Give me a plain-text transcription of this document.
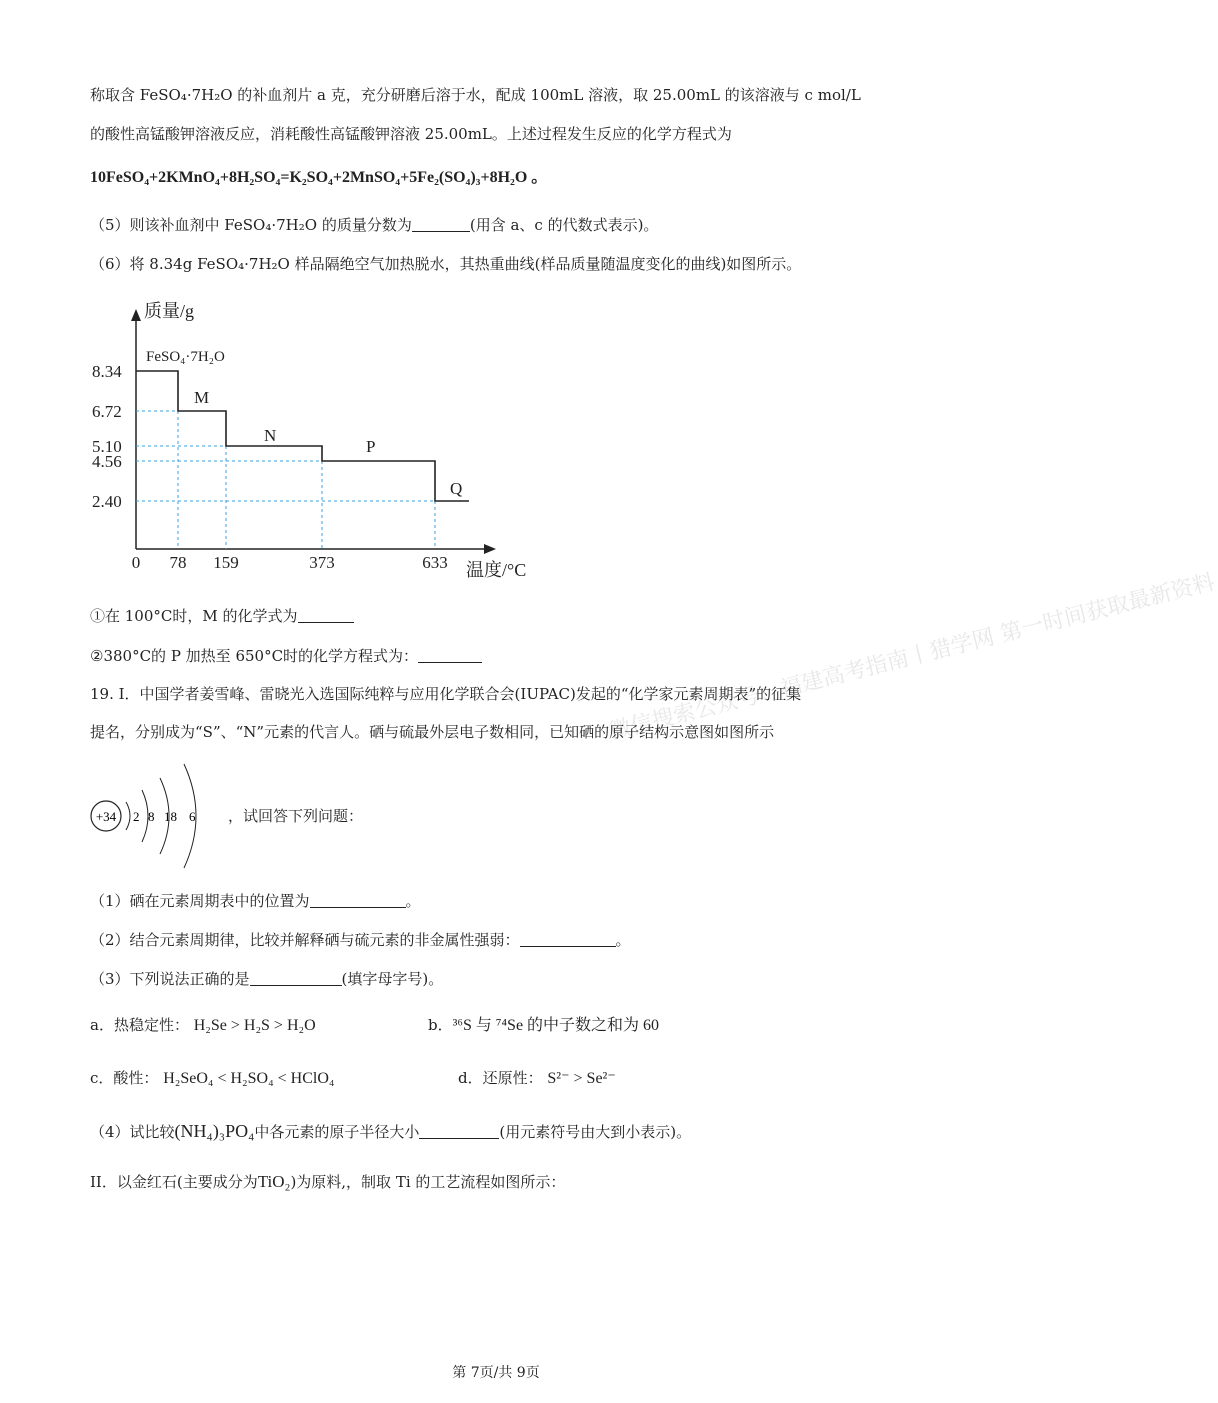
微信搜索公众号：福建高考指南丨猎学网 第一时间获取最新资料
称取含 FeSO₄·7H₂O 的补血剂片 a 克，充分研磨后溶于水，配成 100mL 溶液，取 25.00mL 的该溶液与 c mol/L
的酸性高锰酸钾溶液反应，消耗酸性高锰酸钾溶液 25.00mL。上述过程发生反应的化学方程式为
10FeSO₄+2KMnO₄+8H₂SO₄=K₂SO₄+2MnSO₄+5Fe₂(SO₄)₃+8H₂O 。
（5）则该补血剂中 FeSO₄·7H₂O 的质量分数为	(用含 a、c 的代数式表示)。
（6）将 8.34g FeSO₄·7H₂O 样品隔绝空气加热脱水，其热重曲线(样品质量随温度变化的曲线)如图所示。
质量/g
温度/°C
8.34
6.72
5.10
4.56
2.40
0 78 159	373	633
FeSO₄·7H₂O
M
N
P
Q
①在 100°C时，M 的化学式为
②380°C的 P 加热至 650°C时的化学方程式为：
19. I．中国学者姜雪峰、雷晓光入选国际纯粹与应用化学联合会(IUPAC)发起的“化学家元素周期表”的征集
提名，分别成为“S”、“N”元素的代言人。硒与硫最外层电子数相同，已知硒的原子结构示意图如图所示
+34 2 8 18 6 ，试回答下列问题：
（1）硒在元素周期表中的位置为	。
（2）结合元素周期律，比较并解释硒与硫元素的非金属性强弱：	。
（3）下列说法正确的是	(填字母字号)。
a．热稳定性： H₂Se > H₂S > H₂O	b．³⁶S 与 ⁷⁴Se 的中子数之和为 60
c．酸性： H₂SeO₄ < H₂SO₄ < HClO₄	d．还原性： S²⁻ > Se²⁻
（4）试比较(NH₄)₃PO₄中各元素的原子半径大小	(用元素符号由大到小表示)。
II．以金红石(主要成分为TiO₂)为原料,，制取 Ti 的工艺流程如图所示：
第 7页/共 9页
